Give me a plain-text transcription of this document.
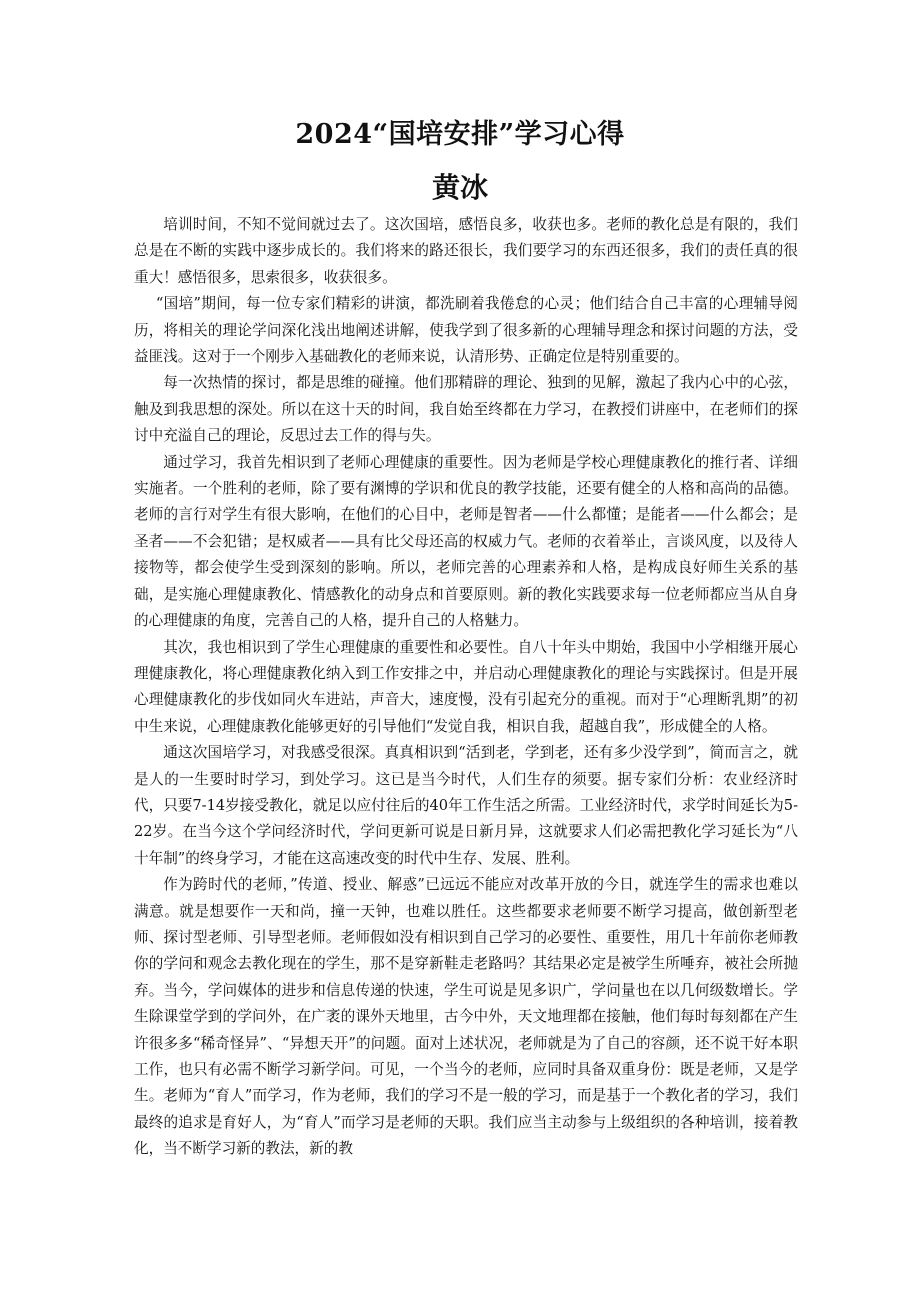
2024“国培安排”学习心得
黄冰

培训时间，不知不觉间就过去了。这次国培，感悟良多，收获也多。老师的教化总是有限的，我们总是在不断的实践中逐步成长的。我们将来的路还很长，我们要学习的东西还很多，我们的责任真的很重大！感悟很多，思索很多，收获很多。

“国培”期间，每一位专家们精彩的讲演，都洗刷着我倦怠的心灵；他们结合自己丰富的心理辅导阅历，将相关的理论学问深化浅出地阐述讲解，使我学到了很多新的心理辅导理念和探讨问题的方法，受益匪浅。这对于一个刚步入基础教化的老师来说，认清形势、正确定位是特别重要的。

每一次热情的探讨，都是思维的碰撞。他们那精辟的理论、独到的见解，激起了我内心中的心弦，触及到我思想的深处。所以在这十天的时间，我自始至终都在力学习，在教授们讲座中，在老师们的探讨中充溢自己的理论，反思过去工作的得与失。

通过学习，我首先相识到了老师心理健康的重要性。因为老师是学校心理健康教化的推行者、详细实施者。一个胜利的老师，除了要有渊博的学识和优良的教学技能，还要有健全的人格和高尚的品德。老师的言行对学生有很大影响，在他们的心目中，老师是智者——什么都懂；是能者——什么都会；是圣者——不会犯错；是权威者——具有比父母还高的权威力气。老师的衣着举止，言谈风度，以及待人接物等，都会使学生受到深刻的影响。所以，老师完善的心理素养和人格，是构成良好师生关系的基础，是实施心理健康教化、情感教化的动身点和首要原则。新的教化实践要求每一位老师都应当从自身的心理健康的角度，完善自己的人格，提升自己的人格魅力。

其次，我也相识到了学生心理健康的重要性和必要性。自八十年头中期始，我国中小学相继开展心理健康教化，将心理健康教化纳入到工作安排之中，并启动心理健康教化的理论与实践探讨。但是开展心理健康教化的步伐如同火车进站，声音大，速度慢，没有引起充分的重视。而对于“心理断乳期”的初中生来说，心理健康教化能够更好的引导他们“发觉自我，相识自我，超越自我”，形成健全的人格。

通这次国培学习，对我感受很深。真真相识到“活到老，学到老，还有多少没学到”，简而言之，就是人的一生要时时学习，到处学习。这已是当今时代，人们生存的须要。据专家们分析：农业经济时代，只要7-14岁接受教化，就足以应付往后的40年工作生活之所需。工业经济时代，求学时间延长为5-22岁。在当今这个学问经济时代，学问更新可说是日新月异，这就要求人们必需把教化学习延长为“八十年制”的终身学习，才能在这高速改变的时代中生存、发展、胜利。

作为跨时代的老师，”传道、授业、解惑”已远远不能应对改革开放的今日，就连学生的需求也难以满意。就是想要作一天和尚，撞一天钟，也难以胜任。这些都要求老师要不断学习提高，做创新型老师、探讨型老师、引导型老师。老师假如没有相识到自己学习的必要性、重要性，用几十年前你老师教你的学问和观念去教化现在的学生，那不是穿新鞋走老路吗？其结果必定是被学生所唾弃，被社会所抛弃。当今，学问媒体的进步和信息传递的快速，学生可说是见多识广，学问量也在以几何级数增长。学生除课堂学到的学问外，在广袤的课外天地里，古今中外，天文地理都在接触，他们每时每刻都在产生许很多多“稀奇怪异”、“异想天开”的问题。面对上述状况，老师就是为了自己的容颜，还不说干好本职工作，也只有必需不断学习新学问。可见，一个当今的老师，应同时具备双重身份：既是老师，又是学生。老师为“育人”而学习，作为老师，我们的学习不是一般的学习，而是基于一个教化者的学习，我们最终的追求是育好人，为“育人”而学习是老师的天职。我们应当主动参与上级组织的各种培训，接着教化，当不断学习新的教法，新的教
